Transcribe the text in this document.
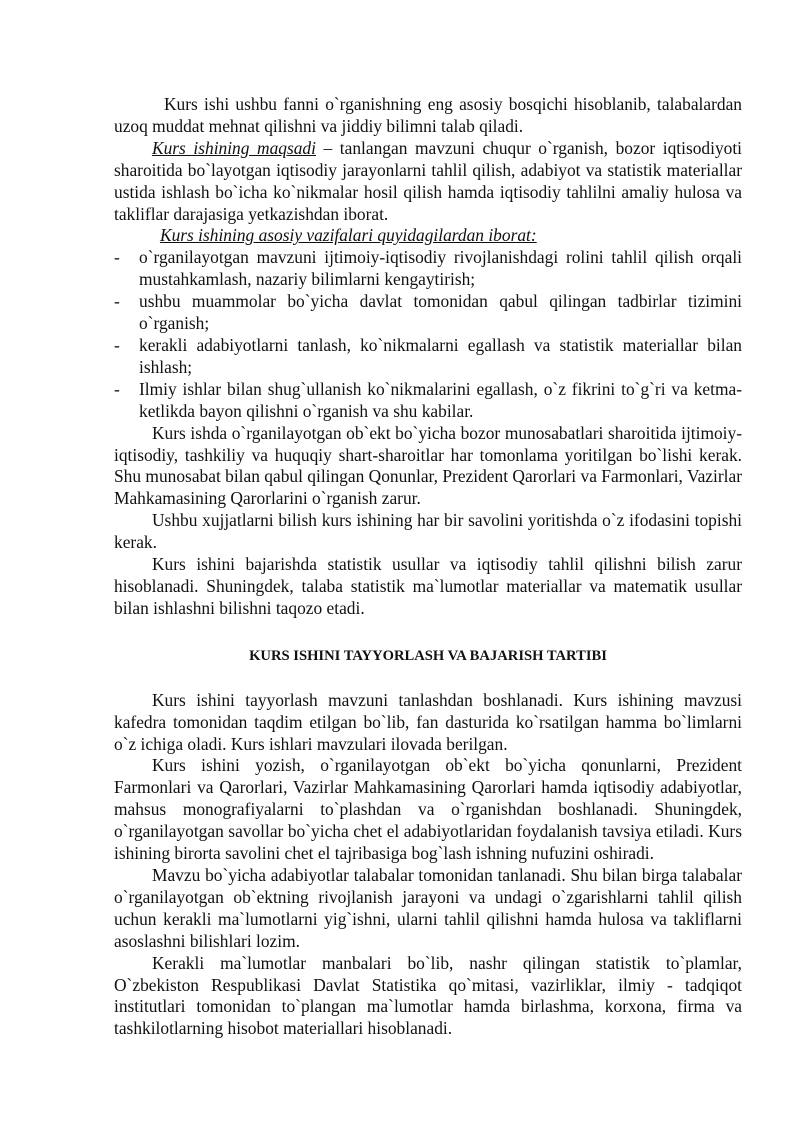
Kurs ishi ushbu fanni o`rganishning eng asosiy bosqichi hisoblanib, talabalardan uzoq muddat mehnat qilishni va jiddiy bilimni talab qiladi.

Kurs ishining maqsadi – tanlangan mavzuni chuqur o`rganish, bozor iqtisodiyoti sharoitida bo`layotgan iqtisodiy jarayonlarni tahlil qilish, adabiyot va statistik materiallar ustida ishlash bo`icha ko`nikmalar hosil qilish hamda iqtisodiy tahlilni amaliy hulosa va takliflar darajasiga yetkazishdan iborat.

Kurs ishining asosiy vazifalari quyidagilardan iborat:

- o`rganilayotgan mavzuni ijtimoiy-iqtisodiy rivojlanishdagi rolini tahlil qilish orqali mustahkamlash, nazariy bilimlarni kengaytirish;
- ushbu muammolar bo`yicha davlat tomonidan qabul qilingan tadbirlar tizimini o`rganish;
- kerakli adabiyotlarni tanlash, ko`nikmalarni egallash va statistik materiallar bilan ishlash;
- Ilmiy ishlar bilan shug`ullanish ko`nikmalarini egallash, o`z fikrini to`g`ri va ketma-ketlikda bayon qilishni o`rganish va shu kabilar.

Kurs ishda o`rganilayotgan ob`ekt bo`yicha bozor munosabatlari sharoitida ijtimoiy-iqtisodiy, tashkiliy va huquqiy shart-sharoitlar har tomonlama yoritilgan bo`lishi kerak. Shu munosabat bilan qabul qilingan Qonunlar, Prezident Qarorlari va Farmonlari, Vazirlar Mahkamasining Qarorlarini o`rganish zarur.

Ushbu xujjatlarni bilish kurs ishining har bir savolini yoritishda o`z ifodasini topishi kerak.

Kurs ishini bajarishda statistik usullar va iqtisodiy tahlil qilishni bilish zarur hisoblanadi. Shuningdek, talaba statistik ma`lumotlar materiallar va matematik usullar bilan ishlashni bilishni taqozo etadi.

KURS ISHINI TAYYORLASH VA BAJARISH TARTIBI

Kurs ishini tayyorlash mavzuni tanlashdan boshlanadi. Kurs ishining mavzusi kafedra tomonidan taqdim etilgan bo`lib, fan dasturida ko`rsatilgan hamma bo`limlarni o`z ichiga oladi. Kurs ishlari mavzulari ilovada berilgan.

Kurs ishini yozish, o`rganilayotgan ob`ekt bo`yicha qonunlarni, Prezident Farmonlari va Qarorlari, Vazirlar Mahkamasining Qarorlari hamda iqtisodiy adabiyotlar, mahsus monografiyalarni to`plashdan va o`rganishdan boshlanadi. Shuningdek, o`rganilayotgan savollar bo`yicha chet el adabiyotlaridan foydalanish tavsiya etiladi. Kurs ishining birorta savolini chet el tajribasiga bog`lash ishning nufuzini oshiradi.

Mavzu bo`yicha adabiyotlar talabalar tomonidan tanlanadi. Shu bilan birga talabalar o`rganilayotgan ob`ektning rivojlanish jarayoni va undagi o`zgarishlarni tahlil qilish uchun kerakli ma`lumotlarni yig`ishni, ularni tahlil qilishni hamda hulosa va takliflarni asoslashni bilishlari lozim.

Kerakli ma`lumotlar manbalari bo`lib, nashr qilingan statistik to`plamlar, O`zbekiston Respublikasi Davlat Statistika qo`mitasi, vazirliklar, ilmiy - tadqiqot institutlari tomonidan to`plangan ma`lumotlar hamda birlashma, korxona, firma va tashkilotlarning hisobot materiallari hisoblanadi.
